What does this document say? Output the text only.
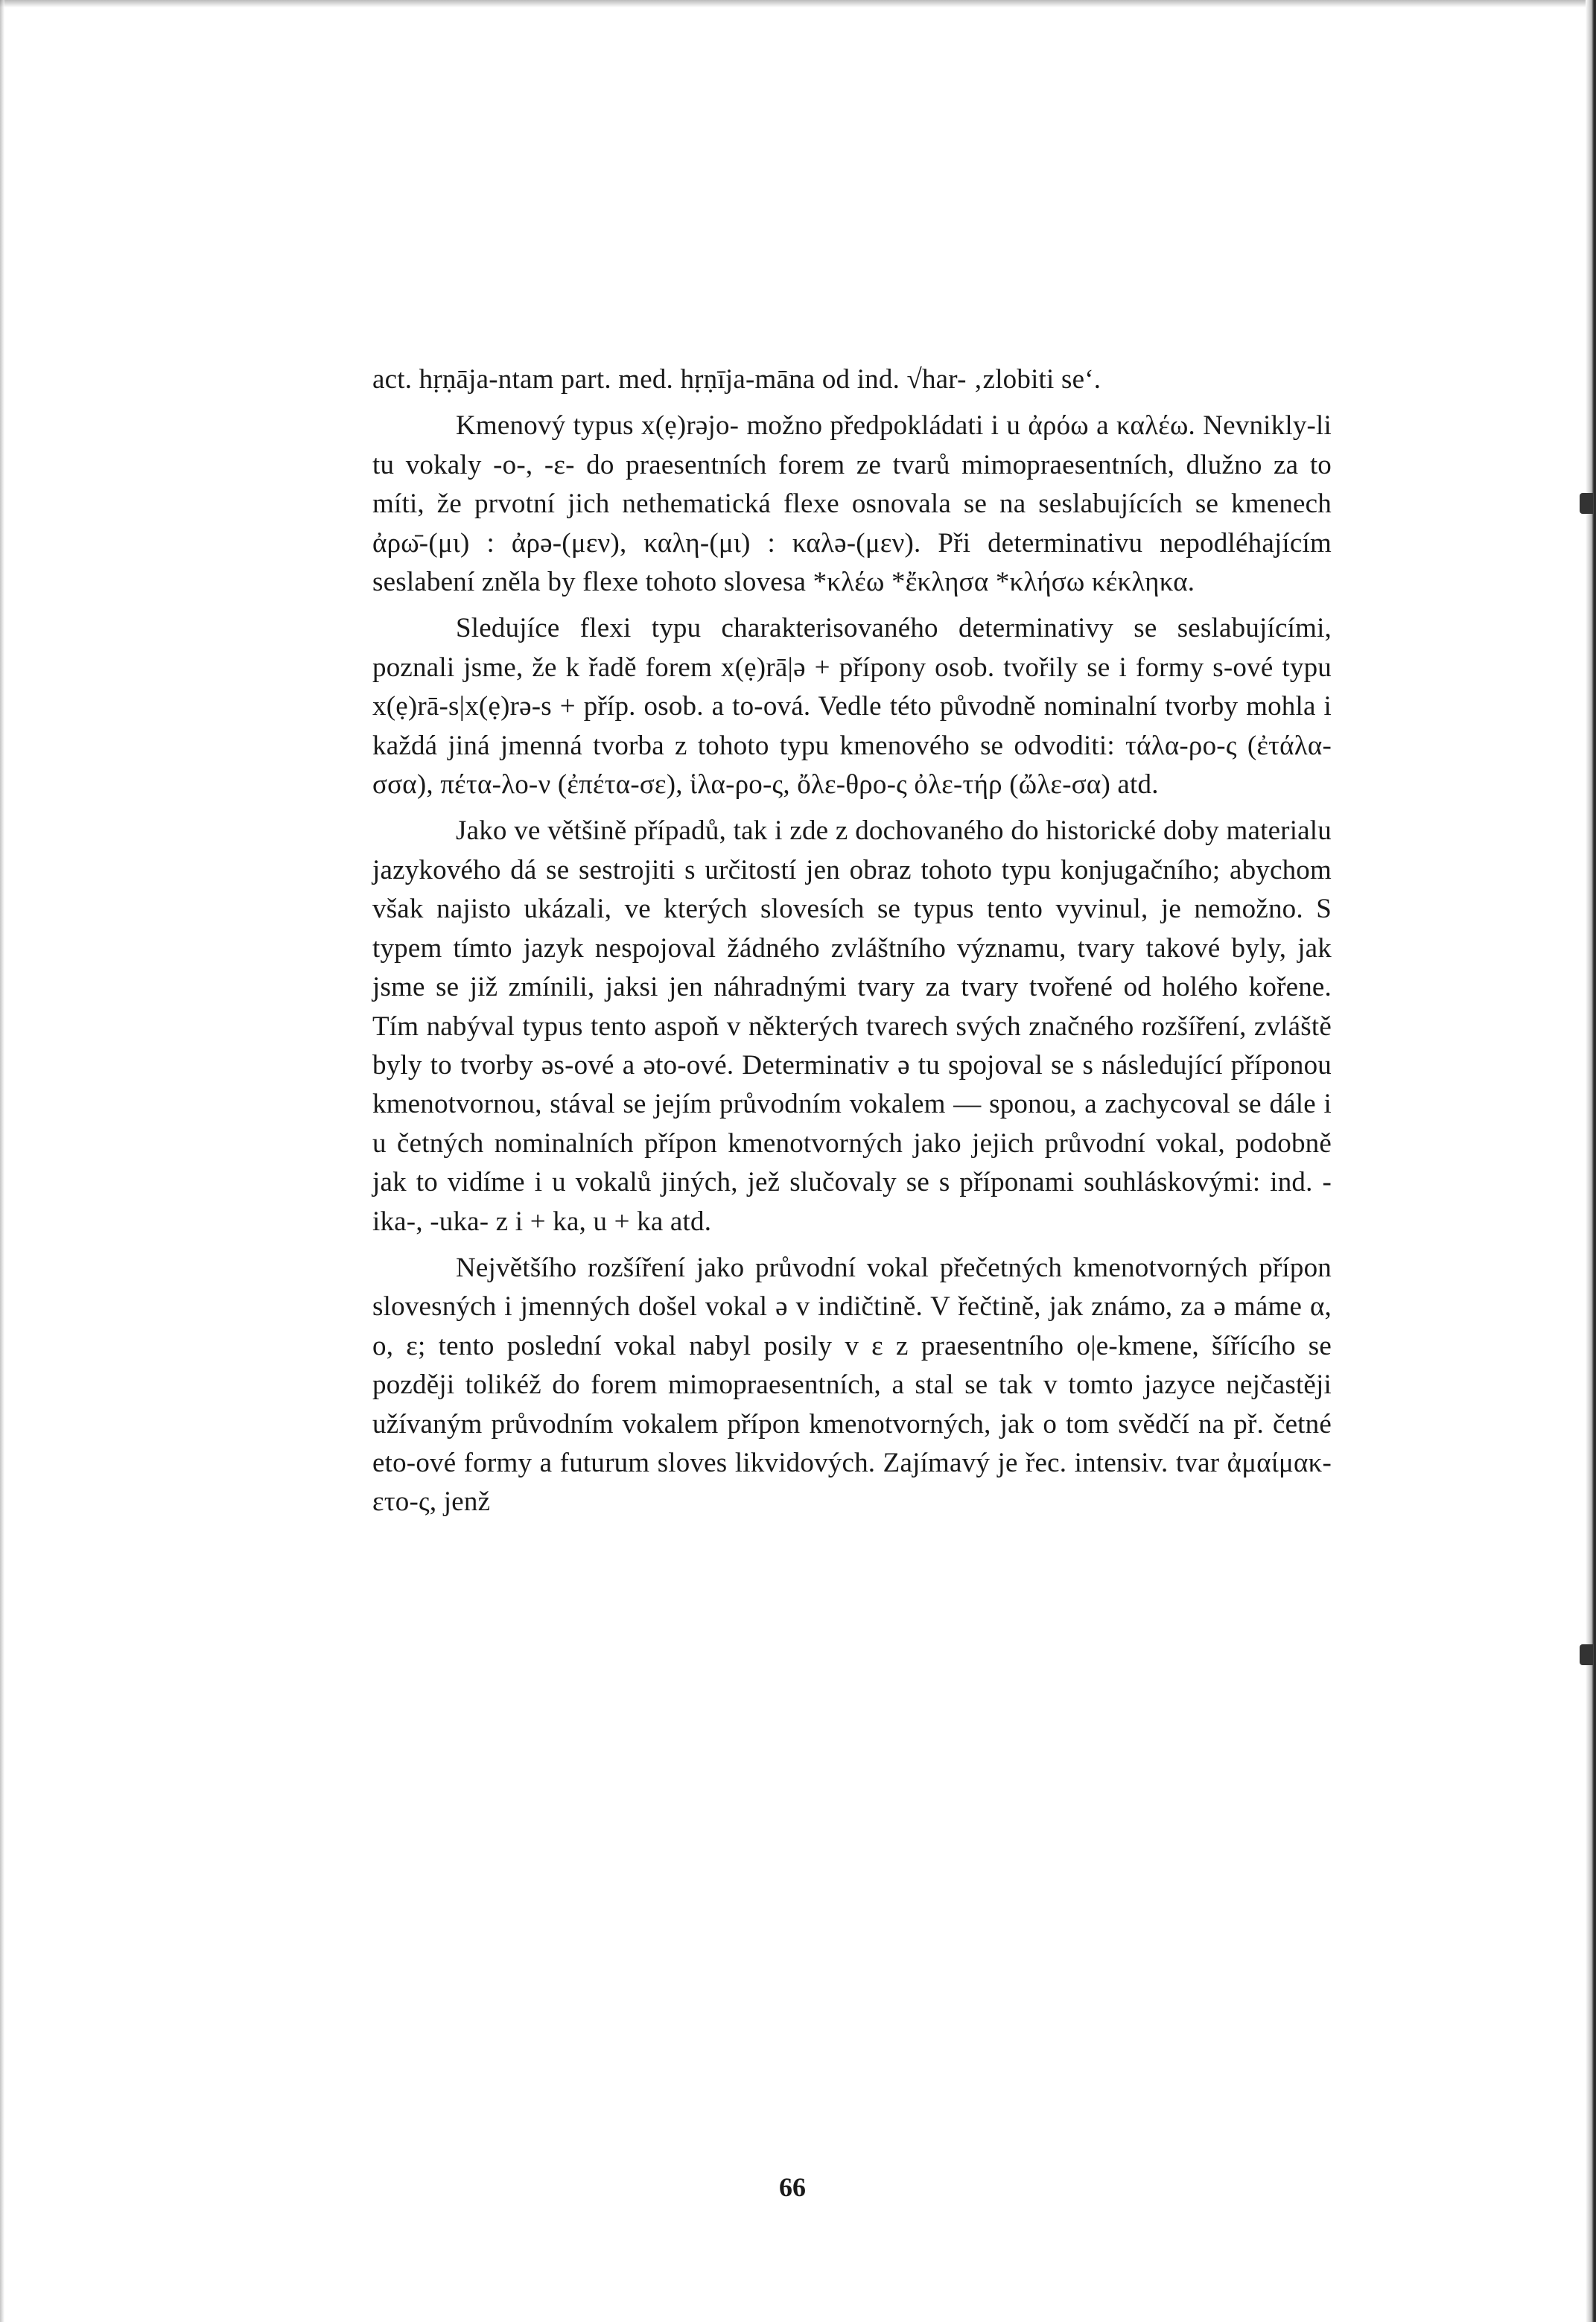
act. hṛṇāja-ntam part. med. hṛṇīja-māna od ind. √har- ‚zlobiti se‘.

Kmenový typus x(ẹ)rəjo- možno předpokládati i u ἀρόω a καλέω. Nevnikly-li tu vokaly -o-, -ε- do praesentních forem ze tvarů mimopraesentních, dlužno za to míti, že prvotní jich nethematická flexe osnovala se na seslabujících se kmenech ἀρω̄-(μι) : ἀρə-(μεν), καλη-(μι) : καλə-(μεν). Při determinativu nepodléhajícím seslabení zněla by flexe tohoto slovesa *κλέω *ἔκλησα *κλήσω κέκληκα.

Sledujíce flexi typu charakterisovaného determinativy se seslabujícími, poznali jsme, že k řadě forem x(ẹ)rā|ə + přípony osob. tvořily se i formy s-ové typu x(ẹ)rā-s|x(ẹ)rə-s + příp. osob. a to-ová. Vedle této původně nominalní tvorby mohla i každá jiná jmenná tvorba z tohoto typu kmenového se odvoditi: τάλα-ρο-ς (ἐτάλα-σσα), πέτα-λο-ν (ἐπέτα-σε), ἱλα-ρο-ς, ὄλε-θρο-ς ὀλε-τήρ (ὤλε-σα) atd.

Jako ve většině případů, tak i zde z dochovaného do historické doby materialu jazykového dá se sestrojiti s určitostí jen obraz tohoto typu konjugačního; abychom však najisto ukázali, ve kterých slovesích se typus tento vyvinul, je nemožno. S typem tímto jazyk nespojoval žádného zvláštního významu, tvary takové byly, jak jsme se již zmínili, jaksi jen náhradnými tvary za tvary tvořené od holého kořene. Tím nabýval typus tento aspoň v některých tvarech svých značného rozšíření, zvláště byly to tvorby əs-ové a əto-ové. Determinativ ə tu spojoval se s následující příponou kmenotvornou, stával se jejím průvodním vokalem — sponou, a zachycoval se dále i u četných nominalních přípon kmenotvorných jako jejich průvodní vokal, podobně jak to vidíme i u vokalů jiných, jež slučovaly se s příponami souhláskovými: ind. -ika-, -uka- z i + ka, u + ka atd.

Největšího rozšíření jako průvodní vokal přečetných kmenotvorných přípon slovesných i jmenných došel vokal ə v indičtině. V řečtině, jak známo, za ə máme α, ο, ε; tento poslední vokal nabyl posily v ε z praesentního o|e-kmene, šířícího se později tolikéž do forem mimopraesentních, a stal se tak v tomto jazyce nejčastěji užívaným průvodním vokalem přípon kmenotvorných, jak o tom svědčí na př. četné eto-ové formy a futurum sloves likvidových. Zajímavý je řec. intensiv. tvar ἀμαίμακ-ετο-ς, jenž

66
